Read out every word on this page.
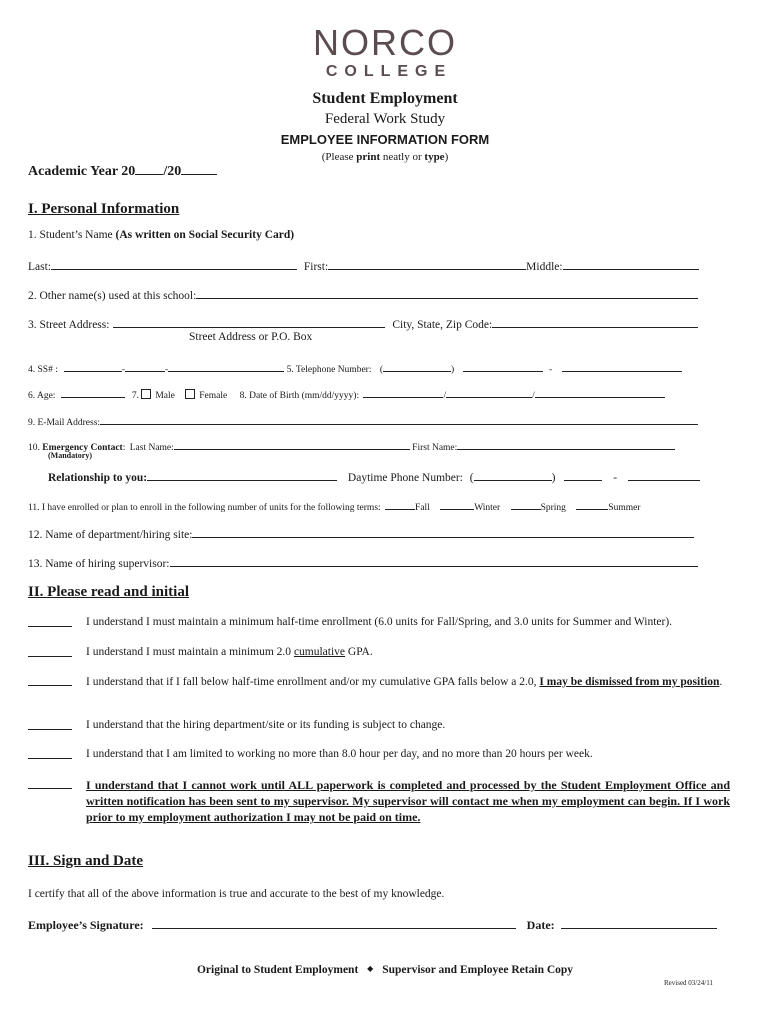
NORCO
COLLEGE
Student Employment
Federal Work Study
EMPLOYEE INFORMATION FORM
(Please print neatly or type)
Academic Year 20 /20
I. Personal Information
1. Student’s Name (As written on Social Security Card)
Last:	First:	Middle:
2. Other name(s) used at this school:
3. Street Address:	City, State, Zip Code:
Street Address or P.O. Box
4. SS# :	-	-	5. Telephone Number: (	)	-
6. Age:	7. Male	Female 8. Date of Birth (mm/dd/yyyy):	/	/
9. E-Mail Address:
10. Emergency Contact: Last Name:	First Name:
(Mandatory)
Relationship to you:	Daytime Phone Number: (	)	-
11. I have enrolled or plan to enroll in the following number of units for the following terms:	Fall	Winter	Spring	Summer
12. Name of department/hiring site:
13. Name of hiring supervisor:
II. Please read and initial
I understand I must maintain a minimum half-time enrollment (6.0 units for Fall/Spring, and 3.0 units for Summer and Winter).
I understand I must maintain a minimum 2.0 cumulative GPA.
I understand that if I fall below half-time enrollment and/or my cumulative GPA falls below a 2.0, I may be dismissed from my position.
I understand that the hiring department/site or its funding is subject to change.
I understand that I am limited to working no more than 8.0 hour per day, and no more than 20 hours per week.
I understand that I cannot work until ALL paperwork is completed and processed by the Student Employment Office and written notification has been sent to my supervisor. My supervisor will contact me when my employment can begin. If I work prior to my employment authorization I may not be paid on time.
III. Sign and Date
I certify that all of the above information is true and accurate to the best of my knowledge.
Employee’s Signature:	Date:
Original to Student Employment ◆ Supervisor and Employee Retain Copy
Revised 03/24/11
